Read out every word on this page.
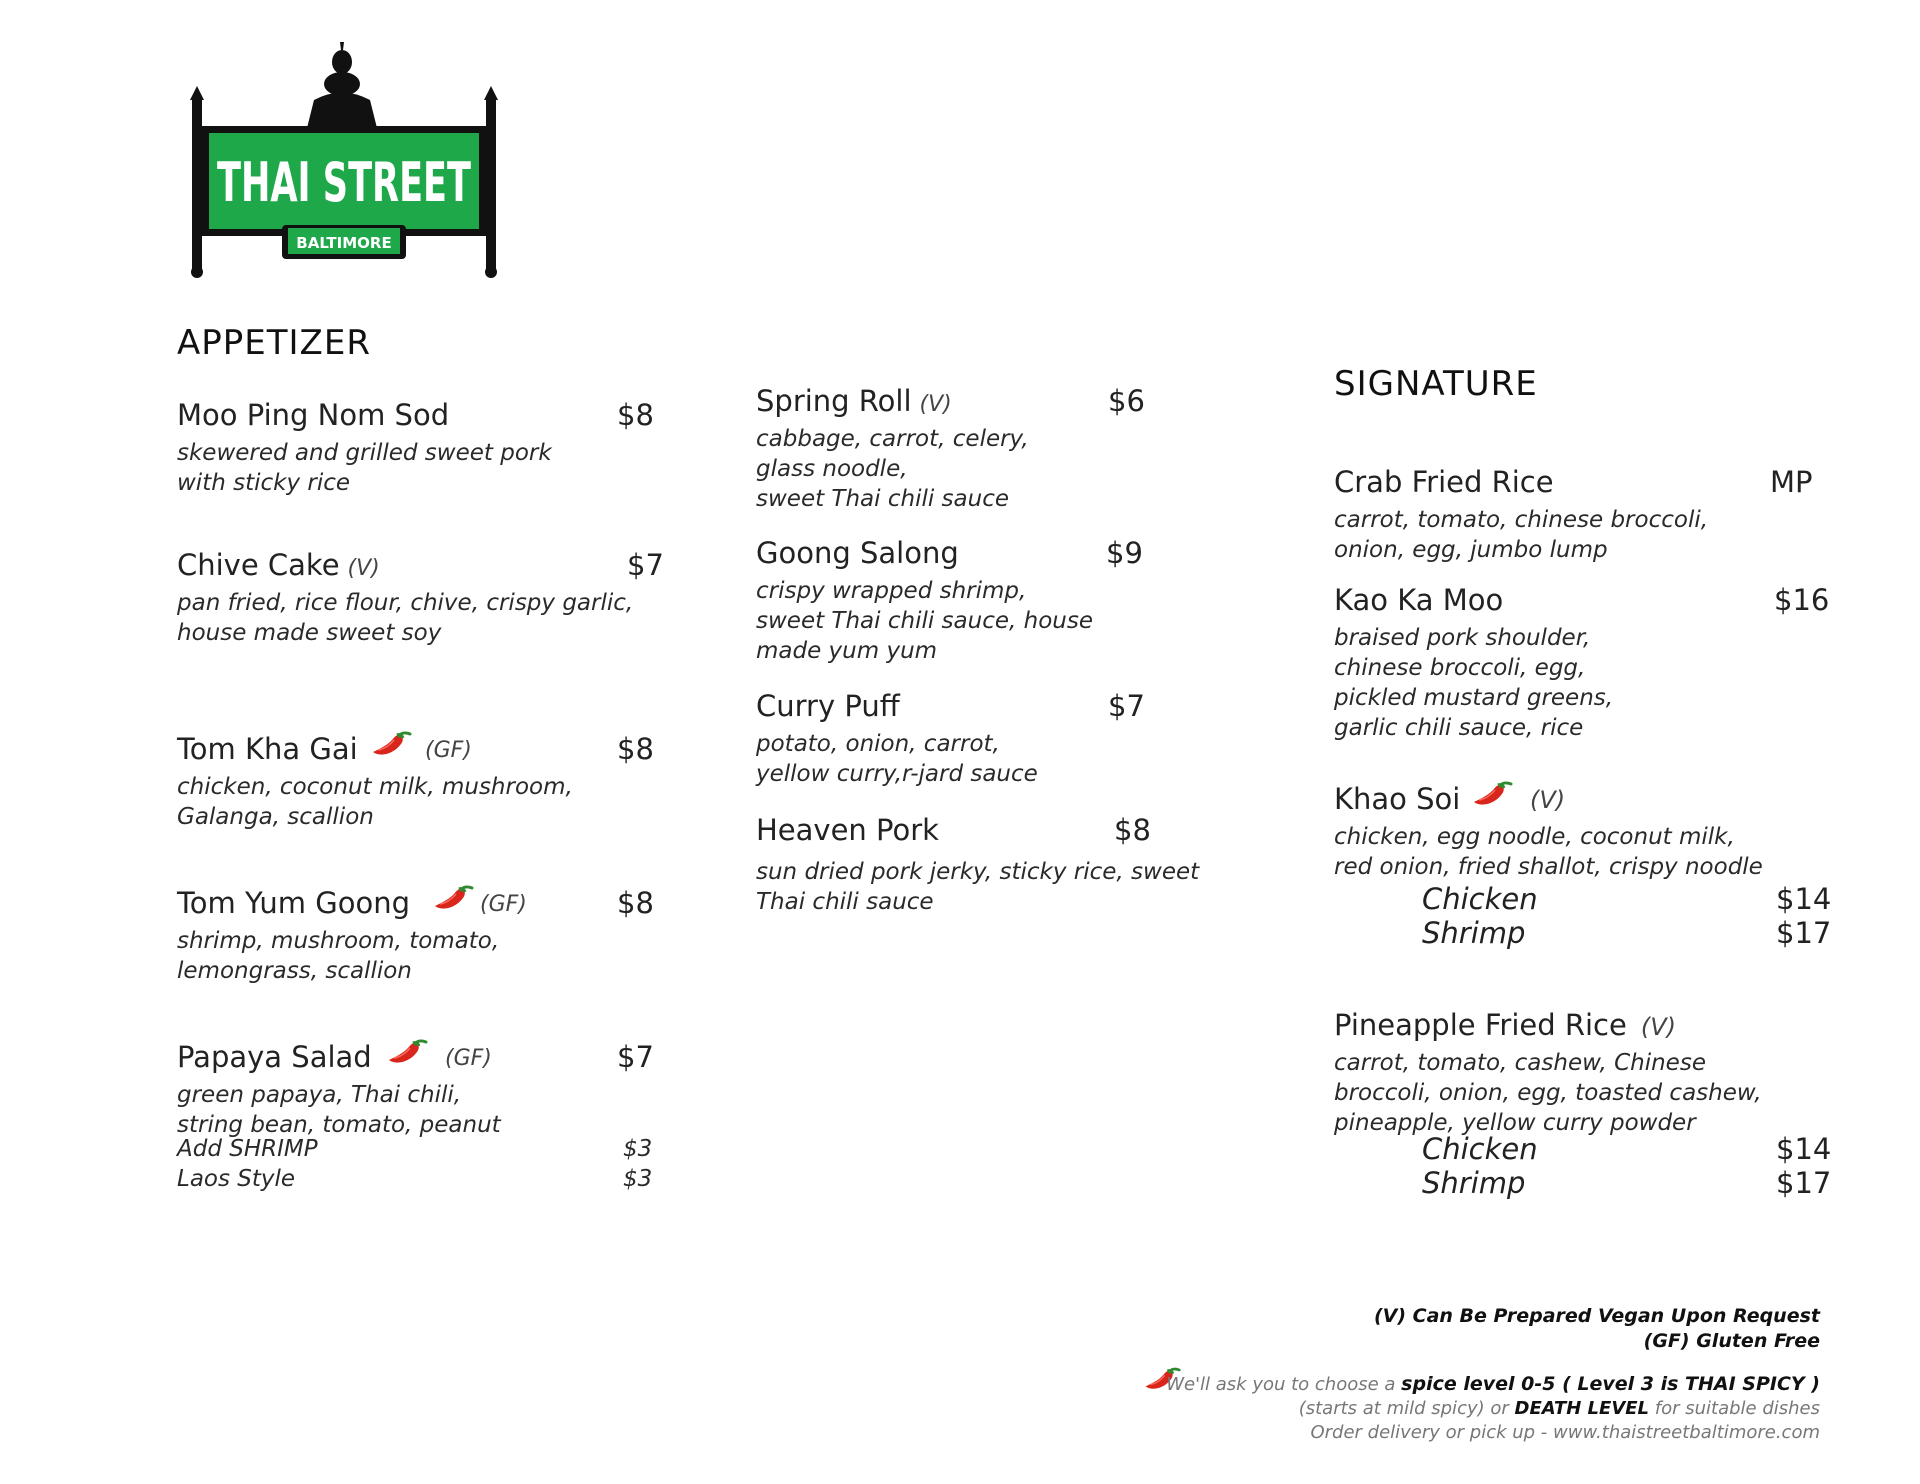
THAI STREET
BALTIMORE
APPETIZER
Moo Ping Nom Sod	$8
skewered and grilled sweet pork
with sticky rice
Chive Cake (V)	$7
pan fried, rice flour, chive, crispy garlic,
house made sweet soy
Tom Kha Gai	(GF)	$8
chicken, coconut milk, mushroom,
Galanga, scallion
Tom Yum Goong	(GF)	$8
shrimp, mushroom, tomato,
lemongrass, scallion
Papaya Salad	(GF)	$7
green papaya, Thai chili,
string bean, tomato, peanut
Add SHRIMP	$3
Laos Style	$3
Spring Roll (V)	$6
cabbage, carrot, celery,
glass noodle,
sweet Thai chili sauce
Goong Salong	$9
crispy wrapped shrimp,
sweet Thai chili sauce, house
made yum yum
Curry Puff	$7
potato, onion, carrot,
yellow curry,r-jard sauce
Heaven Pork	$8
sun dried pork jerky, sticky rice, sweet
Thai chili sauce
SIGNATURE
Crab Fried Rice	MP
carrot, tomato, chinese broccoli,
onion, egg, jumbo lump
Kao Ka Moo	$16
braised pork shoulder,
chinese broccoli, egg,
pickled mustard greens,
garlic chili sauce, rice
Khao Soi	(V)
chicken, egg noodle, coconut milk,
red onion, fried shallot, crispy noodle
Chicken	$14
Shrimp	$17
Pineapple Fried Rice (V)
carrot, tomato, cashew, Chinese
broccoli, onion, egg, toasted cashew,
pineapple, yellow curry powder
Chicken	$14
Shrimp	$17
(V) Can Be Prepared Vegan Upon Request
(GF) Gluten Free
We'll ask you to choose a spice level 0-5 ( Level 3 is THAI SPICY )
(starts at mild spicy) or DEATH LEVEL for suitable dishes
Order delivery or pick up - www.thaistreetbaltimore.com
